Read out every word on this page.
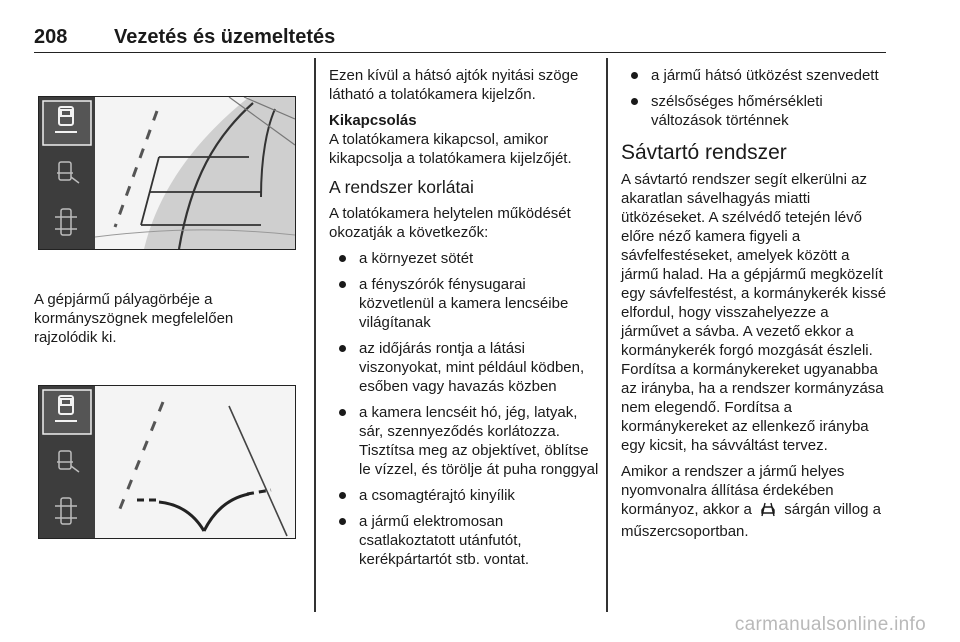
208 Vezetés és üzemeltetés
A gépjármű pályagörbéje a kormányszögnek megfelelően rajzolódik ki.

Ezen kívül a hátsó ajtók nyitási szöge látható a tolatókamera kijelzőn.

Kikapcsolás

A tolatókamera kikapcsol, amikor kikapcsolja a tolatókamera kijelzőjét.

A rendszer korlátai

A tolatókamera helytelen működését okozatják a következők:

a környezet sötét
a fényszórók fénysugarai közvetlenül a kamera lencséibe világítanak
az időjárás rontja a látási viszonyokat, mint például ködben, esőben vagy havazás közben
a kamera lencséit hó, jég, latyak, sár, szennyeződés korlátozza. Tisztítsa meg az objektívet, öblítse le vízzel, és törölje át puha ronggyal
a csomagtérajtó kinyílik
a jármű elektromosan csatlakoztatott utánfutót, kerékpártartót stb. vontat.
a jármű hátsó ütközést szenvedett
szélsőséges hőmérsékleti változások történnek
Sávtartó rendszer

A sávtartó rendszer segít elkerülni az akaratlan sávelhagyás miatti ütközéseket. A szélvédő tetején lévő előre néző kamera figyeli a sávfelfestéseket, amelyek között a jármű halad. Ha a gépjármű megközelít egy sávfelfestést, a kormánykerék kissé elfordul, hogy visszahelyezze a járművet a sávba. A vezető ekkor a kormánykerék forgó mozgását észleli. Fordítsa a kormánykereket ugyanabba az irányba, ha a rendszer kormányzása nem elegendő. Fordítsa a kormánykereket az ellenkező irányba egy kicsit, ha sávváltást tervez.

Amikor a rendszer a jármű helyes nyomvonalra állítása érdekében kormányoz, akkor a sárgán villog a műszercsoportban.

carmanualsonline.info
